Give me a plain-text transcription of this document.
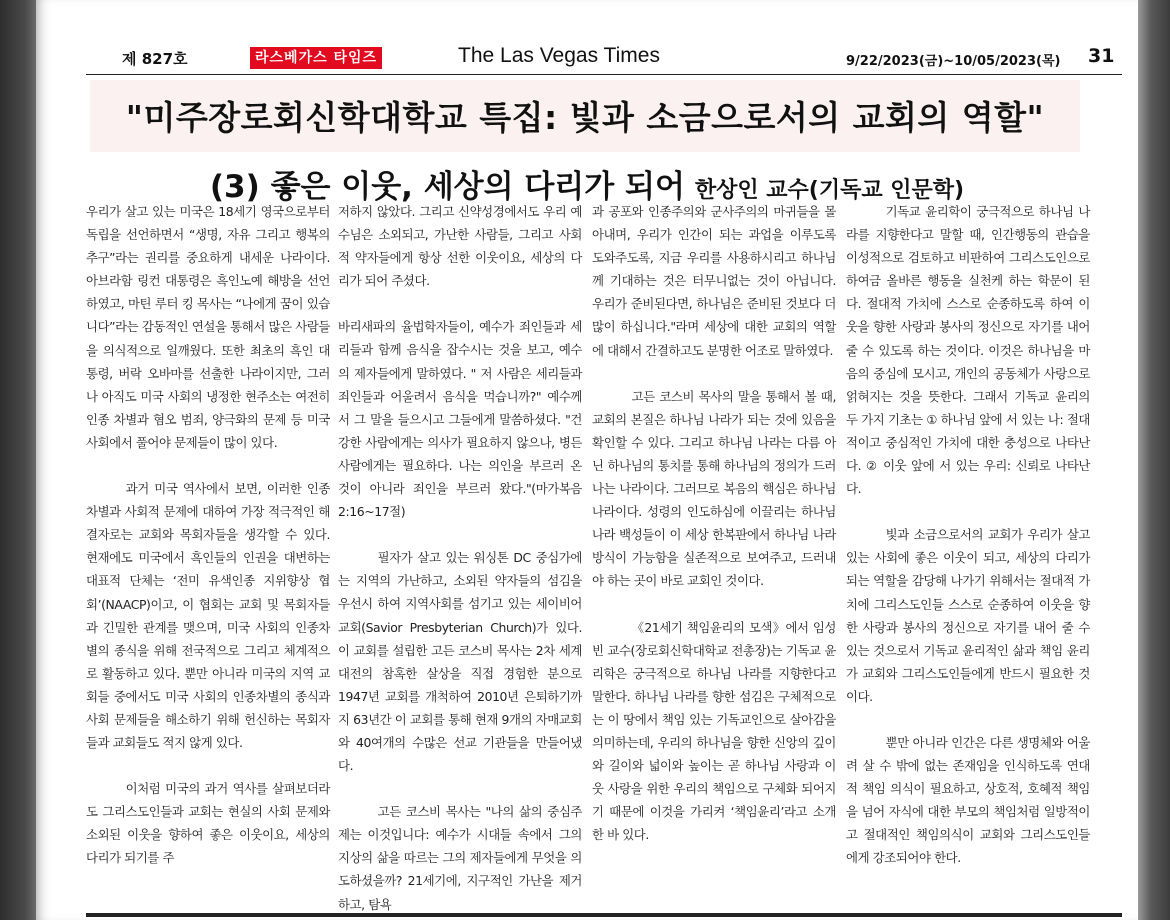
제 827호	라스베가스 타임즈	The Las Vegas Times	9/22/2023(금)~10/05/2023(목) 31
"미주장로회신학대학교 특집: 빛과 소금으로서의 교회의 역할"
(3) 좋은 이웃, 세상의 다리가 되어 한상인 교수(기독교 인문학)

우리가 살고 있는 미국은 18세기 영국으로부터 독립을 선언하면서 “생명, 자유 그리고 행복의 추구”라는 권리를 중요하게 내세운 나라이다. 아브라함 링컨 대통령은 흑인노예 해방을 선언하였고, 마틴 루터 킹 목사는 “나에게 꿈이 있습니다”라는 감동적인 연설을 통해서 많은 사람들을 의식적으로 일깨웠다. 또한 최초의 흑인 대통령, 버락 오바마를 선출한 나라이지만, 그러나 아직도 미국 사회의 냉정한 현주소는 여전히 인종 차별과 혐오 범죄, 양극화의 문제 등 미국사회에서 풀어야 문제들이 많이 있다.

과거 미국 역사에서 보면, 이러한 인종차별과 사회적 문제에 대하여 가장 적극적인 해결자로는 교회와 목회자들을 생각할 수 있다. 현재에도 미국에서 흑인들의 인권을 대변하는 대표적 단체는 ‘전미 유색인종 지위향상 협회’(NAACP)이고, 이 협회는 교회 및 목회자들과 긴밀한 관계를 맺으며, 미국 사회의 인종차별의 종식을 위해 전국적으로 그리고 체계적으로 활동하고 있다. 뿐만 아니라 미국의 지역 교회들 중에서도 미국 사회의 인종차별의 종식과 사회 문제들을 해소하기 위해 헌신하는 목회자들과 교회들도 적지 않게 있다.

이처럼 미국의 과거 역사를 살펴보더라도 그리스도인들과 교회는 현실의 사회 문제와 소외된 이웃을 향하여 좋은 이웃이요, 세상의 다리가 되기를 주

저하지 않았다. 그리고 신약성경에서도 우리 예수님은 소외되고, 가난한 사람들, 그리고 사회적 약자들에게 항상 선한 이웃이요, 세상의 다리가 되어 주셨다.

바리새파의 율법학자들이, 예수가 죄인들과 세리들과 함께 음식을 잡수시는 것을 보고, 예수의 제자들에게 말하였다. " 저 사람은 세리들과 죄인들과 어울려서 음식을 먹습니까?" 예수께서 그 말을 들으시고 그들에게 말씀하셨다. "건강한 사람에게는 의사가 필요하지 않으나, 병든 사람에게는 필요하다. 나는 의인을 부르러 온 것이 아니라 죄인을 부르러 왔다."(마가복음 2:16~17절)

필자가 살고 있는 워싱톤 DC 중심가에는 지역의 가난하고, 소외된 약자들의 섬김을 우선시 하여 지역사회를 섬기고 있는 세이비어 교회(Savior Presbyterian Church)가 있다. 이 교회를 설립한 고든 코스비 목사는 2차 세계대전의 참혹한 살상을 직접 경험한 분으로 1947년 교회를 개척하여 2010년 은퇴하기까지 63년간 이 교회를 통해 현재 9개의 자매교회와 40여개의 수많은 선교 기관들을 만들어냈다.

고든 코스비 목사는 "나의 삶의 중심주제는 이것입니다: 예수가 시대들 속에서 그의 지상의 삶을 따르는 그의 제자들에게 무엇을 의도하셨을까? 21세기에, 지구적인 가난을 제거하고, 탐욕

과 공포와 인종주의와 군사주의의 마귀들을 몰아내며, 우리가 인간이 되는 과업을 이루도록 도와주도록, 지금 우리를 사용하시리고 하나님께 기대하는 것은 터무니없는 것이 아닙니다. 우리가 준비된다면, 하나님은 준비된 것보다 더 많이 하십니다."라며 세상에 대한 교회의 역할에 대해서 간결하고도 분명한 어조로 말하였다.

고든 코스비 목사의 말을 통해서 볼 때, 교회의 본질은 하나님 나라가 되는 것에 있음을 확인할 수 있다. 그리고 하나님 나라는 다름 아닌 하나님의 통치를 통해 하나님의 정의가 드러나는 나라이다. 그러므로 복음의 핵심은 하나님 나라이다. 성령의 인도하심에 이끌리는 하나님 나라 백성들이 이 세상 한복판에서 하나님 나라 방식이 가능함을 실존적으로 보여주고, 드러내야 하는 곳이 바로 교회인 것이다.

《21세기 책임윤리의 모색》에서 임성빈 교수(장로회신학대학교 전총장)는 기독교 윤리학은 궁극적으로 하나님 나라를 지향한다고 말한다. 하나님 나라를 향한 섬김은 구체적으로는 이 땅에서 책임 있는 기독교인으로 살아감을 의미하는데, 우리의 하나님을 향한 신앙의 깊이와 길이와 넓이와 높이는 곧 하나님 사랑과 이웃 사랑을 위한 우리의 책임으로 구체화 되어지기 때문에 이것을 가리켜 ‘책임윤리’라고 소개한 바 있다.

기독교 윤리학이 궁극적으로 하나님 나라를 지향한다고 말할 때, 인간행동의 관습을 이성적으로 검토하고 비판하여 그리스도인으로 하여금 올바른 행동을 실천케 하는 학문이 된다. 절대적 가치에 스스로 순종하도록 하여 이웃을 향한 사랑과 봉사의 정신으로 자기를 내어 줄 수 있도록 하는 것이다. 이것은 하나님을 마음의 중심에 모시고, 개인의 공동체가 사랑으로 얽혀지는 것을 뜻한다. 그래서 기독교 윤리의 두 가지 기초는 ① 하나님 앞에 서 있는 나: 절대적이고 중심적인 가치에 대한 충성으로 나타난다. ② 이웃 앞에 서 있는 우리: 신뢰로 나타난다.

빛과 소금으로서의 교회가 우리가 살고 있는 사회에 좋은 이웃이 되고, 세상의 다리가 되는 역할을 감당해 나가기 위해서는 절대적 가치에 그리스도인들 스스로 순종하여 이웃을 향한 사랑과 봉사의 정신으로 자기를 내어 줄 수 있는 것으로서 기독교 윤리적인 삶과 책임 윤리가 교회와 그리스도인들에게 반드시 필요한 것이다.

뿐만 아니라 인간은 다른 생명체와 어울려 살 수 밖에 없는 존재임을 인식하도록 연대적 책임 의식이 필요하고, 상호적, 호혜적 책임을 넘어 자식에 대한 부모의 책임처럼 일방적이고 절대적인 책임의식이 교회와 그리스도인들에게 강조되어야 한다.
